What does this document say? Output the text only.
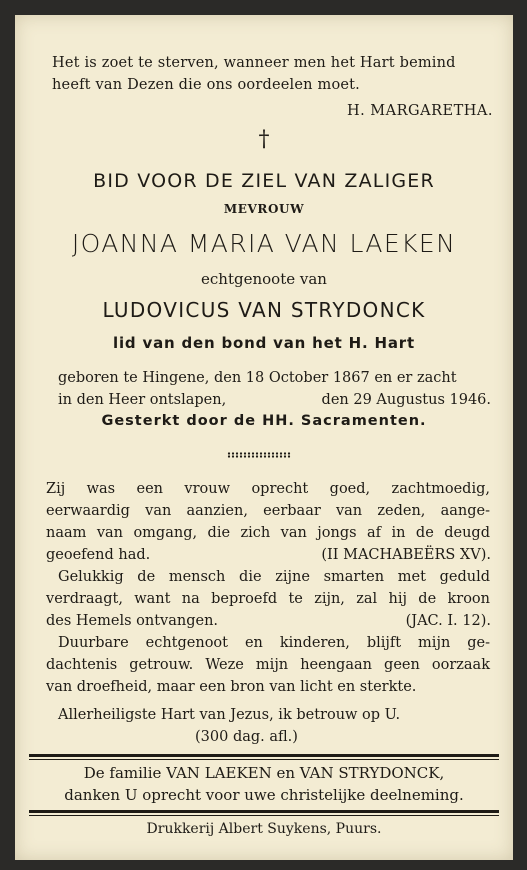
Het is zoet te sterven, wanneer men het Hart bemind
heeft van Dezen die ons oordeelen moet.
H. MARGARETHA.
†
BID VOOR DE ZIEL VAN ZALIGER
MEVROUW
JOANNA MARIA VAN LAEKEN
echtgenoote van
LUDOVICUS VAN STRYDONCK
lid van den bond van het H. Hart
geboren te Hingene, den 18 October 1867 en er zacht
in den Heer ontslapen,	den 29 Augustus 1946.
Gesterkt door de HH. Sacramenten.
Zij was een vrouw oprecht goed, zachtmoedig,
eerwaardig van aanzien, eerbaar van zeden, aange-
naam van omgang, die zich van jongs af in de deugd
geoefend had.	(II MACHABEËRS XV).
Gelukkig de mensch die zijne smarten met geduld
verdraagt, want na beproefd te zijn, zal hij de kroon
des Hemels ontvangen.	(JAC. I. 12).
Duurbare echtgenoot en kinderen, blijft mijn ge-
dachtenis getrouw. Weze mijn heengaan geen oorzaak
van droefheid, maar een bron van licht en sterkte.
Allerheiligste Hart van Jezus, ik betrouw op U.
(300 dag. afl.)
De familie VAN LAEKEN en VAN STRYDONCK,
danken U oprecht voor uwe christelijke deelneming.
Drukkerij Albert Suykens, Puurs.
